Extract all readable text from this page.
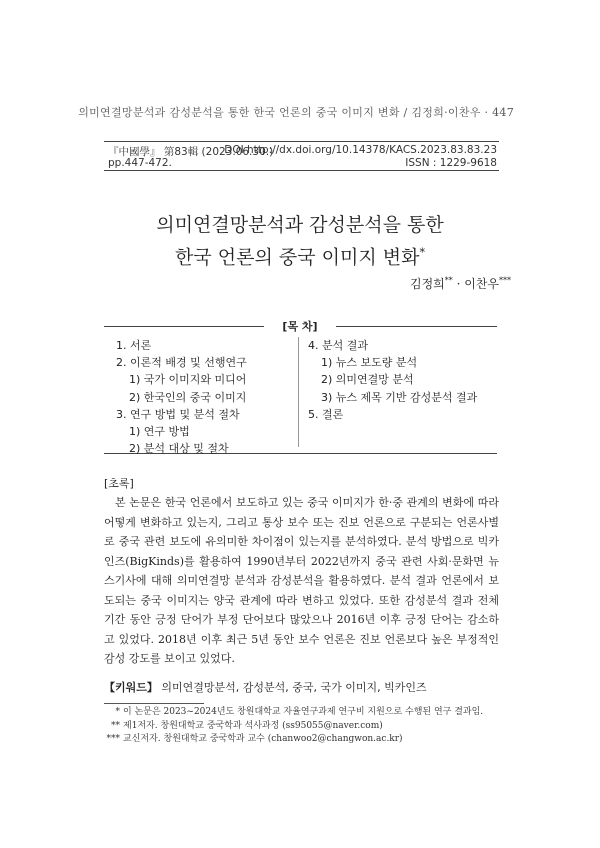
의미연결망분석과 감성분석을 통한 한국 언론의 중국 이미지 변화 / 김정희·이찬우 · 447
『中國學』 第83輯 (2023.06.30.)
pp.447-472.
DOI http://dx.doi.org/10.14378/KACS.2023.83.83.23
ISSN : 1229-9618
의미연결망분석과 감성분석을 통한
한국 언론의 중국 이미지 변화*
김정희** · 이찬우***
[목 차]
1. 서론
2. 이론적 배경 및 선행연구
1) 국가 이미지와 미디어
2) 한국인의 중국 이미지
3. 연구 방법 및 분석 절차
1) 연구 방법
2) 분석 대상 및 절차
4. 분석 결과
1) 뉴스 보도량 분석
2) 의미연결망 분석
3) 뉴스 제목 기반 감성분석 결과
5. 결론
[초록]
본 논문은 한국 언론에서 보도하고 있는 중국 이미지가 한·중 관계의 변화에 따라 어떻게 변화하고 있는지, 그리고 통상 보수 또는 진보 언론으로 구분되는 언론사별로 중국 관련 보도에 유의미한 차이점이 있는지를 분석하였다. 분석 방법으로 빅카인즈(BigKinds)를 활용하여 1990년부터 2022년까지 중국 관련 사회·문화면 뉴스기사에 대해 의미연결망 분석과 감성분석을 활용하였다. 분석 결과 언론에서 보도되는 중국 이미지는 양국 관계에 따라 변하고 있었다. 또한 감성분석 결과 전체 기간 동안 긍정 단어가 부정 단어보다 많았으나 2016년 이후 긍정 단어는 감소하고 있었다. 2018년 이후 최근 5년 동안 보수 언론은 진보 언론보다 높은 부정적인 감성 강도를 보이고 있었다.
【키워드】 의미연결망분석, 감성분석, 중국, 국가 이미지, 빅카인즈
* 이 논문은 2023~2024년도 창원대학교 자율연구과제 연구비 지원으로 수행된 연구 결과임.
** 제1저자. 창원대학교 중국학과 석사과정 (ss95055@naver.com)
*** 교신저자. 창원대학교 중국학과 교수 (chanwoo2@changwon.ac.kr)
